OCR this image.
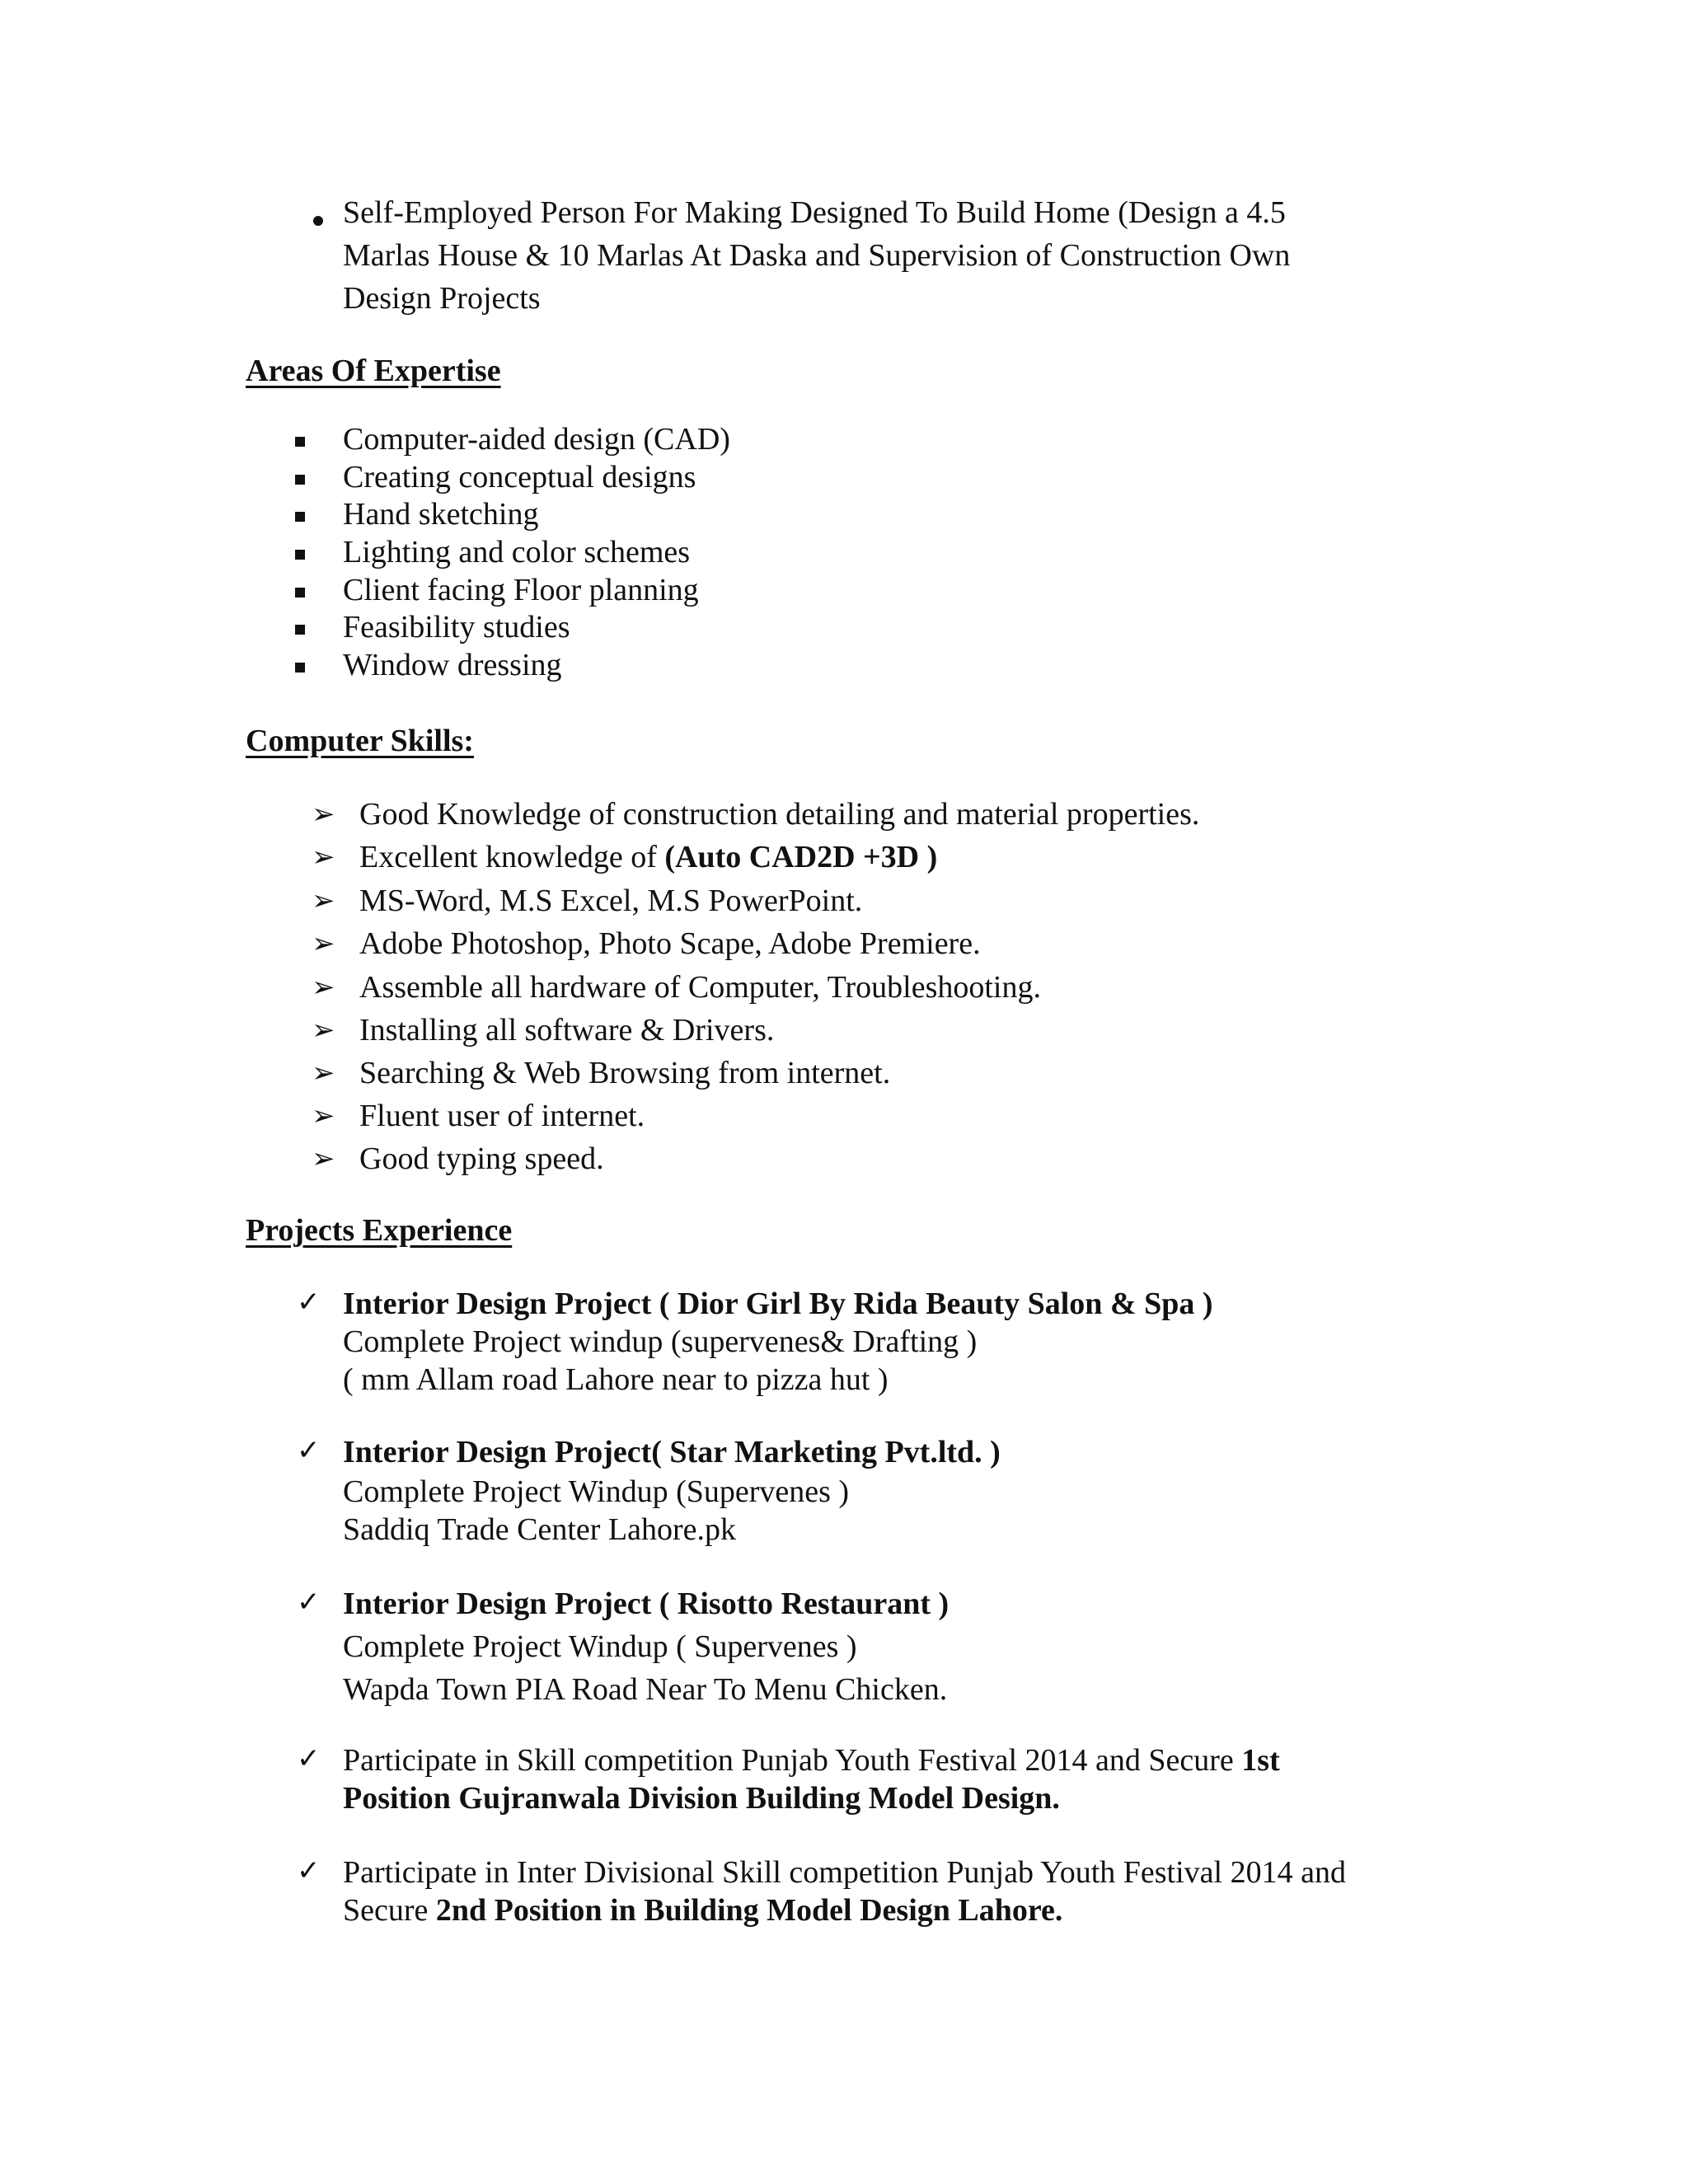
Self-Employed Person For Making Designed To Build Home (Design a 4.5
Marlas House & 10 Marlas At Daska and Supervision of Construction Own
Design Projects
Areas Of Expertise
Computer-aided design (CAD)
Creating conceptual designs
Hand sketching
Lighting and color schemes
Client facing Floor planning
Feasibility studies
Window dressing
Computer Skills:
➢ Good Knowledge of construction detailing and material properties.
➢ Excellent knowledge of (Auto CAD2D +3D )
➢ MS-Word, M.S Excel, M.S PowerPoint.
➢ Adobe Photoshop, Photo Scape, Adobe Premiere.
➢ Assemble all hardware of Computer, Troubleshooting.
➢ Installing all software & Drivers.
➢ Searching & Web Browsing from internet.
➢ Fluent user of internet.
➢ Good typing speed.
Projects Experience
✓ Interior Design Project ( Dior Girl By Rida Beauty Salon & Spa )
Complete Project windup (supervenes& Drafting )
( mm Allam road Lahore near to pizza hut )
✓ Interior Design Project( Star Marketing Pvt.ltd. )
Complete Project Windup (Supervenes )
Saddiq Trade Center Lahore.pk
✓ Interior Design Project ( Risotto Restaurant )
Complete Project Windup ( Supervenes )
Wapda Town PIA Road Near To Menu Chicken.
✓ Participate in Skill competition Punjab Youth Festival 2014 and Secure 1st
Position Gujranwala Division Building Model Design.
✓ Participate in Inter Divisional Skill competition Punjab Youth Festival 2014 and
Secure 2nd Position in Building Model Design Lahore.
